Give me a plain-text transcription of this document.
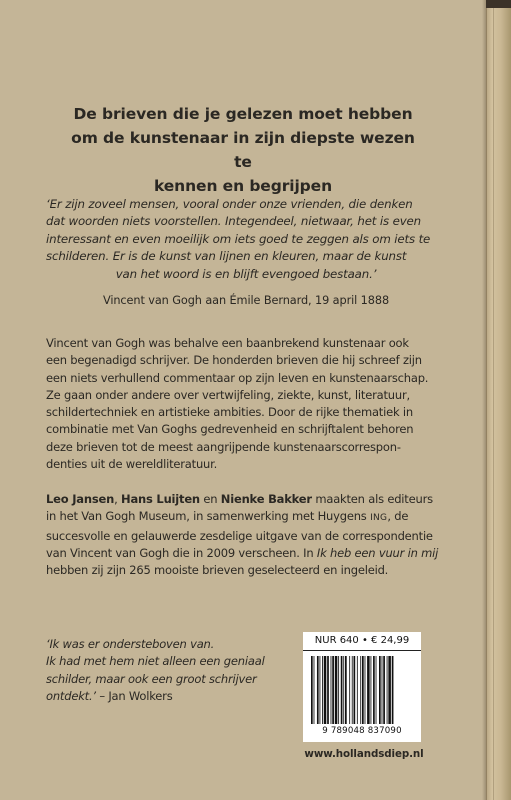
De brieven die je gelezen moet hebben
om de kunstenaar in zijn diepste wezen te
kennen en begrijpen
‘Er zijn zoveel mensen, vooral onder onze vrienden, die denken
dat woorden niets voorstellen. Integendeel, nietwaar, het is even
interessant en even moeilijk om iets goed te zeggen als om iets te
schilderen. Er is de kunst van lijnen en kleuren, maar de kunst
van het woord is en blijft evengoed bestaan.’
Vincent van Gogh aan Émile Bernard, 19 april 1888
Vincent van Gogh was behalve een baanbrekend kunstenaar ook
een begenadigd schrijver. De honderden brieven die hij schreef zijn
een niets verhullend commentaar op zijn leven en kunstenaarschap.
Ze gaan onder andere over vertwijfeling, ziekte, kunst, literatuur,
schildertechniek en artistieke ambities. Door de rijke thematiek in
combinatie met Van Goghs gedrevenheid en schrijftalent behoren
deze brieven tot de meest aangrijpende kunstenaarscorrespon-
denties uit de wereldliteratuur.
Leo Jansen, Hans Luijten en Nienke Bakker maakten als editeurs
in het Van Gogh Museum, in samenwerking met Huygens ING, de
succesvolle en gelauwerde zesdelige uitgave van de correspondentie
van Vincent van Gogh die in 2009 verscheen. In Ik heb een vuur in mij
hebben zij zijn 265 mooiste brieven geselecteerd en ingeleid.
‘Ik was er ondersteboven van.
Ik had met hem niet alleen een geniaal
schilder, maar ook een groot schrijver
ontdekt.’ – Jan Wolkers
NUR 640 • € 24,99
9 789048 837090
www.hollandsdiep.nl
